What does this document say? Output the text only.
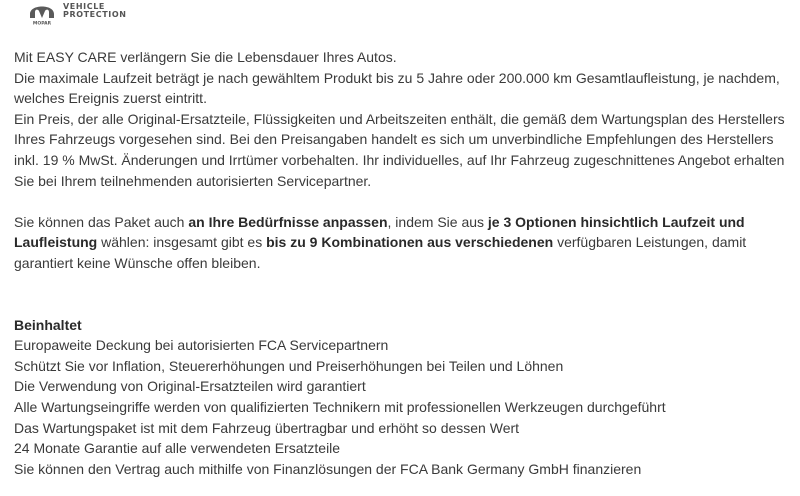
MOPAR
VEHICLE
PROTECTION

Mit EASY CARE verlängern Sie die Lebensdauer Ihres Autos.

Die maximale Laufzeit beträgt je nach gewähltem Produkt bis zu 5 Jahre oder 200.000 km Gesamtlaufleistung, je nachdem, welches Ereignis zuerst eintritt.

Ein Preis, der alle Original-Ersatzteile, Flüssigkeiten und Arbeitszeiten enthält, die gemäß dem Wartungsplan des Herstellers Ihres Fahrzeugs vorgesehen sind. Bei den Preisangaben handelt es sich um unverbindliche Empfehlungen des Herstellers inkl. 19 % MwSt. Änderungen und Irrtümer vorbehalten. Ihr individuelles, auf Ihr Fahrzeug zugeschnittenes Angebot erhalten Sie bei Ihrem teilnehmenden autorisierten Servicepartner.

Sie können das Paket auch an Ihre Bedürfnisse anpassen, indem Sie aus je 3 Optionen hinsichtlich Laufzeit und Laufleistung wählen: insgesamt gibt es bis zu 9 Kombinationen aus verschiedenen verfügbaren Leistungen, damit garantiert keine Wünsche offen bleiben.

Beinhaltet

Europaweite Deckung bei autorisierten FCA Servicepartnern

Schützt Sie vor Inflation, Steuererhöhungen und Preiserhöhungen bei Teilen und Löhnen

Die Verwendung von Original-Ersatzteilen wird garantiert

Alle Wartungseingriffe werden von qualifizierten Technikern mit professionellen Werkzeugen durchgeführt

Das Wartungspaket ist mit dem Fahrzeug übertragbar und erhöht so dessen Wert

24 Monate Garantie auf alle verwendeten Ersatzteile

Sie können den Vertrag auch mithilfe von Finanzlösungen der FCA Bank Germany GmbH finanzieren
